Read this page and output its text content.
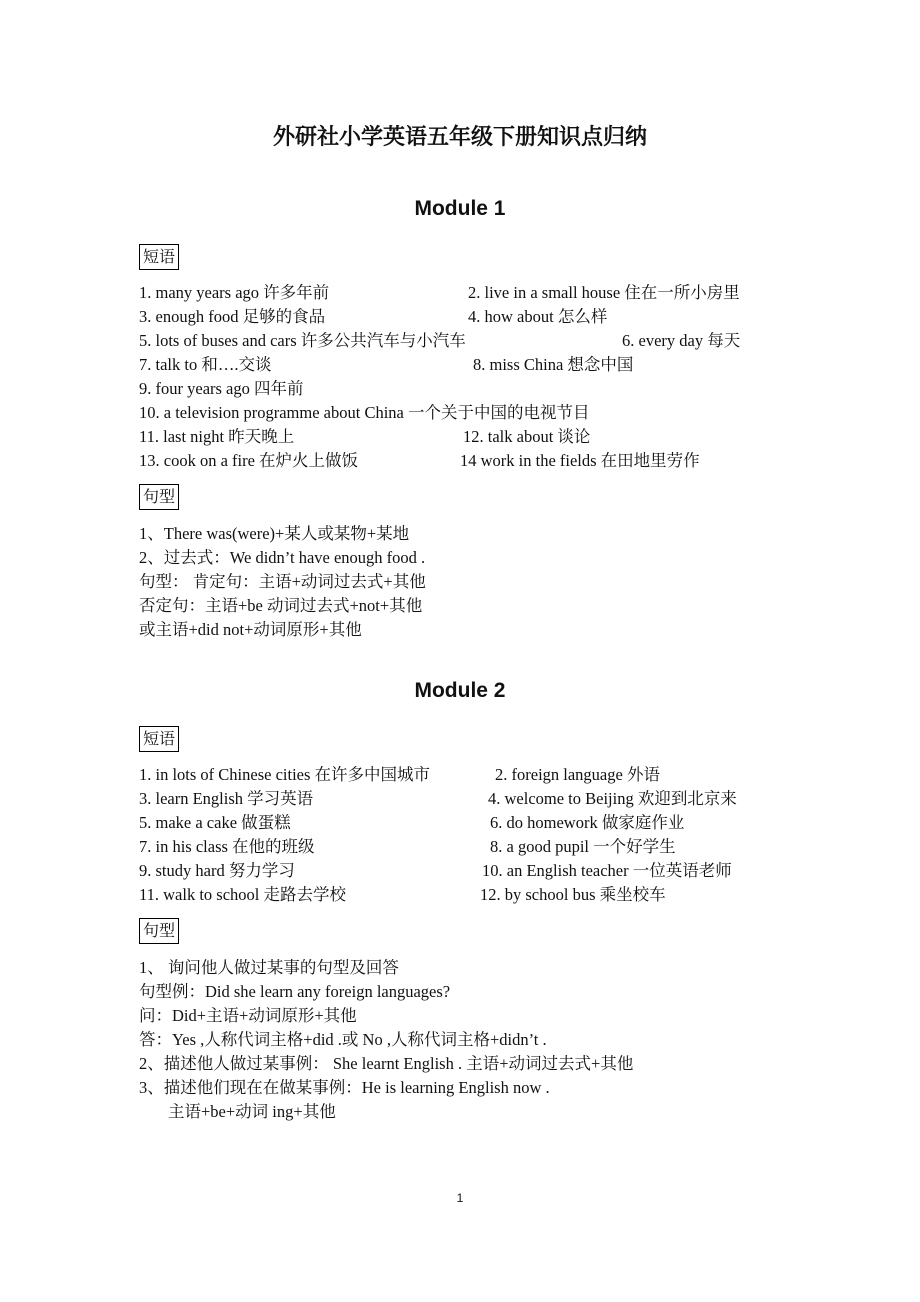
外研社小学英语五年级下册知识点归纳
Module 1
短语
1. many years ago 许多年前	2. live in a small house 住在一所小房里
3. enough food 足够的食品	4. how about 怎么样
5. lots of buses and cars 许多公共汽车与小汽车	6. every day 每天
7. talk to 和….交谈	8. miss China 想念中国
9. four years ago 四年前
10. a television programme about China 一个关于中国的电视节目
11. last night 昨天晚上	12. talk about 谈论
13. cook on a fire 在炉火上做饭	14 work in the fields 在田地里劳作
句型
1、There was(were)+某人或某物+某地
2、过去式：We didn’t have enough food .
句型： 肯定句：主语+动词过去式+其他
否定句：主语+be 动词过去式+not+其他
或主语+did not+动词原形+其他
Module 2
短语
1. in lots of Chinese cities 在许多中国城市	2. foreign language 外语
3. learn English 学习英语	4. welcome to Beijing 欢迎到北京来
5. make a cake 做蛋糕	6. do homework 做家庭作业
7. in his class 在他的班级	8. a good pupil 一个好学生
9. study hard 努力学习	10. an English teacher 一位英语老师
11. walk to school 走路去学校	12. by school bus 乘坐校车
句型
1、 询问他人做过某事的句型及回答
句型例：Did she learn any foreign languages?
问：Did+主语+动词原形+其他
答：Yes ,人称代词主格+did .或 No ,人称代词主格+didn’t .
2、描述他人做过某事例： She learnt English . 主语+动词过去式+其他
3、描述他们现在在做某事例：He is learning English now .
主语+be+动词 ing+其他
1
